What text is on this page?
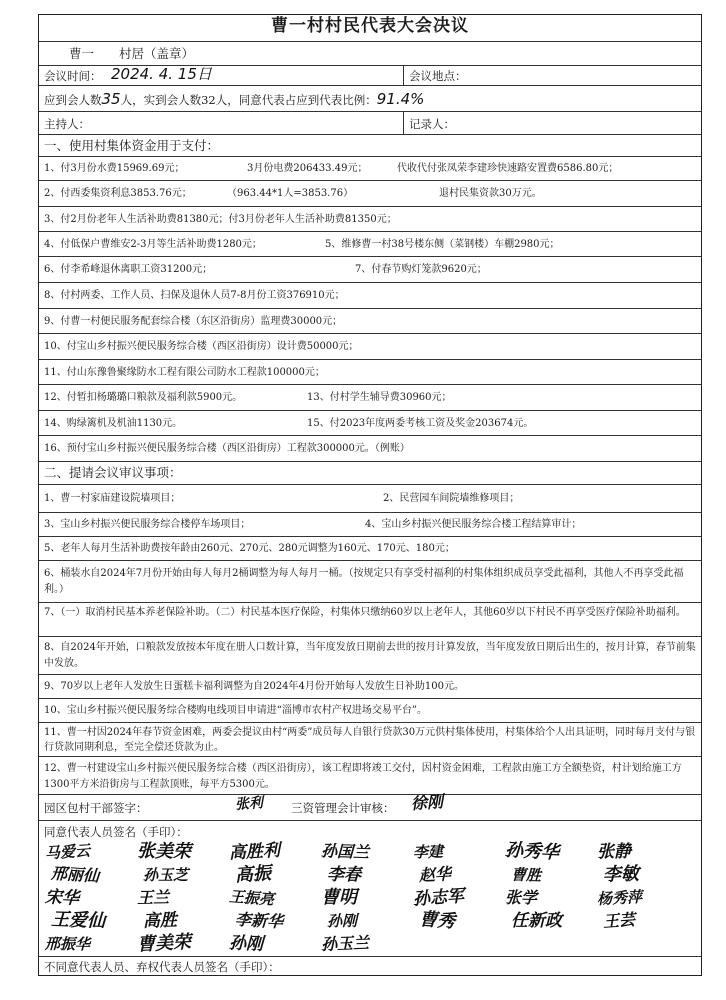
曹一村村民代表大会决议
曹一　　村居（盖章）
会议时间： 2024. 4. 15日	会议地点：
应到会人数35人，实到会人数32人，同意代表占应到代表比例：91.4%
主持人：	记录人：
一、使用村集体资金用于支付：
1、付3月份水费15969.69元；	3月份电费206433.49元；	代收代付张凤荣李建珍快速路安置费6586.80元；
2、付西委集资利息3853.76元；	（963.44*1人=3853.76）	退村民集资款30万元。
3、付2月份老年人生活补助费81380元；付3月份老年人生活补助费81350元；
4、付低保户曹维安2-3月等生活补助费1280元；	5、维修曹一村38号楼东侧（菜钢楼）车棚2980元；
6、付李希峰退休离职工资31200元；	7、付春节购灯笼款9620元；
8、付村两委、工作人员、扫保及退休人员7-8月份工资376910元；
9、付曹一村便民服务配套综合楼（东区沿街房）监理费30000元；
10、付宝山乡村振兴便民服务综合楼（西区沿街房）设计费50000元；
11、付山东豫鲁聚缘防水工程有限公司防水工程款100000元；
12、付暂扣杨璐璐口粮款及福利款5900元。	13、付村学生辅导费30960元；
14、购绿篱机及机油1130元。	15、付2023年度两委考核工资及奖金203674元。
16、预付宝山乡村振兴便民服务综合楼（西区沿街房）工程款300000元。（例账）
二、提请会议审议事项：
1、曹一村家庙建设院墙项目；	2、民营园车间院墙维修项目；
3、宝山乡村振兴便民服务综合楼停车场项目；	4、宝山乡村振兴便民服务综合楼工程结算审计；
5、老年人每月生活补助费按年龄由260元、270元、280元调整为160元、170元、180元；
6、桶装水自2024年7月份开始由每人每月2桶调整为每人每月一桶。（按规定只有享受村福利的村集体组织成员享受此福利，其他人不再享受此福利。）
7、（一）取消村民基本养老保险补助。（二）村民基本医疗保险，村集体只缴纳60岁以上老年人，其他60岁以下村民不再享受医疗保险补助福利。
8、自2024年开始，口粮款发放按本年度在册人口数计算，当年度发放日期前去世的按月计算发放，当年度发放日期后出生的，按月计算，春节前集中发放。
9、70岁以上老年人发放生日蛋糕卡福利调整为自2024年4月份开始每人发放生日补助100元。
10、宝山乡村振兴便民服务综合楼购电线项目申请进“淄博市农村产权进场交易平台”。
11、曹一村因2024年春节资金困难，两委会提议由村“两委”成员每人自银行贷款30万元供村集体使用，村集体给个人出具证明，同时每月支付与银行贷款同期利息，至完全偿还贷款为止。
12、曹一村建设宝山乡村振兴便民服务综合楼（西区沿街房），该工程即将竣工交付，因村资金困难，工程款由施工方全额垫资，村计划给施工方1300平方米沿街房与工程款顶账，每平方5300元。
园区包村干部签字：	张利 三资管理会计审核： 徐刚
同意代表人员签名（手印）：
马爱云	张美荣 高胜利	孙国兰	李建	孙秀华 张静
邢丽仙	孙玉芝	高振	李春	赵华	曹胜	李敏
宋华	王兰	王振亮	曹明	孙志军	张学	杨秀萍
王爱仙 高胜	李新华	孙刚	曹秀	任新政	王芸
邢振华	曹美荣 孙刚	孙玉兰
不同意代表人员、弃权代表人员签名（手印）：
